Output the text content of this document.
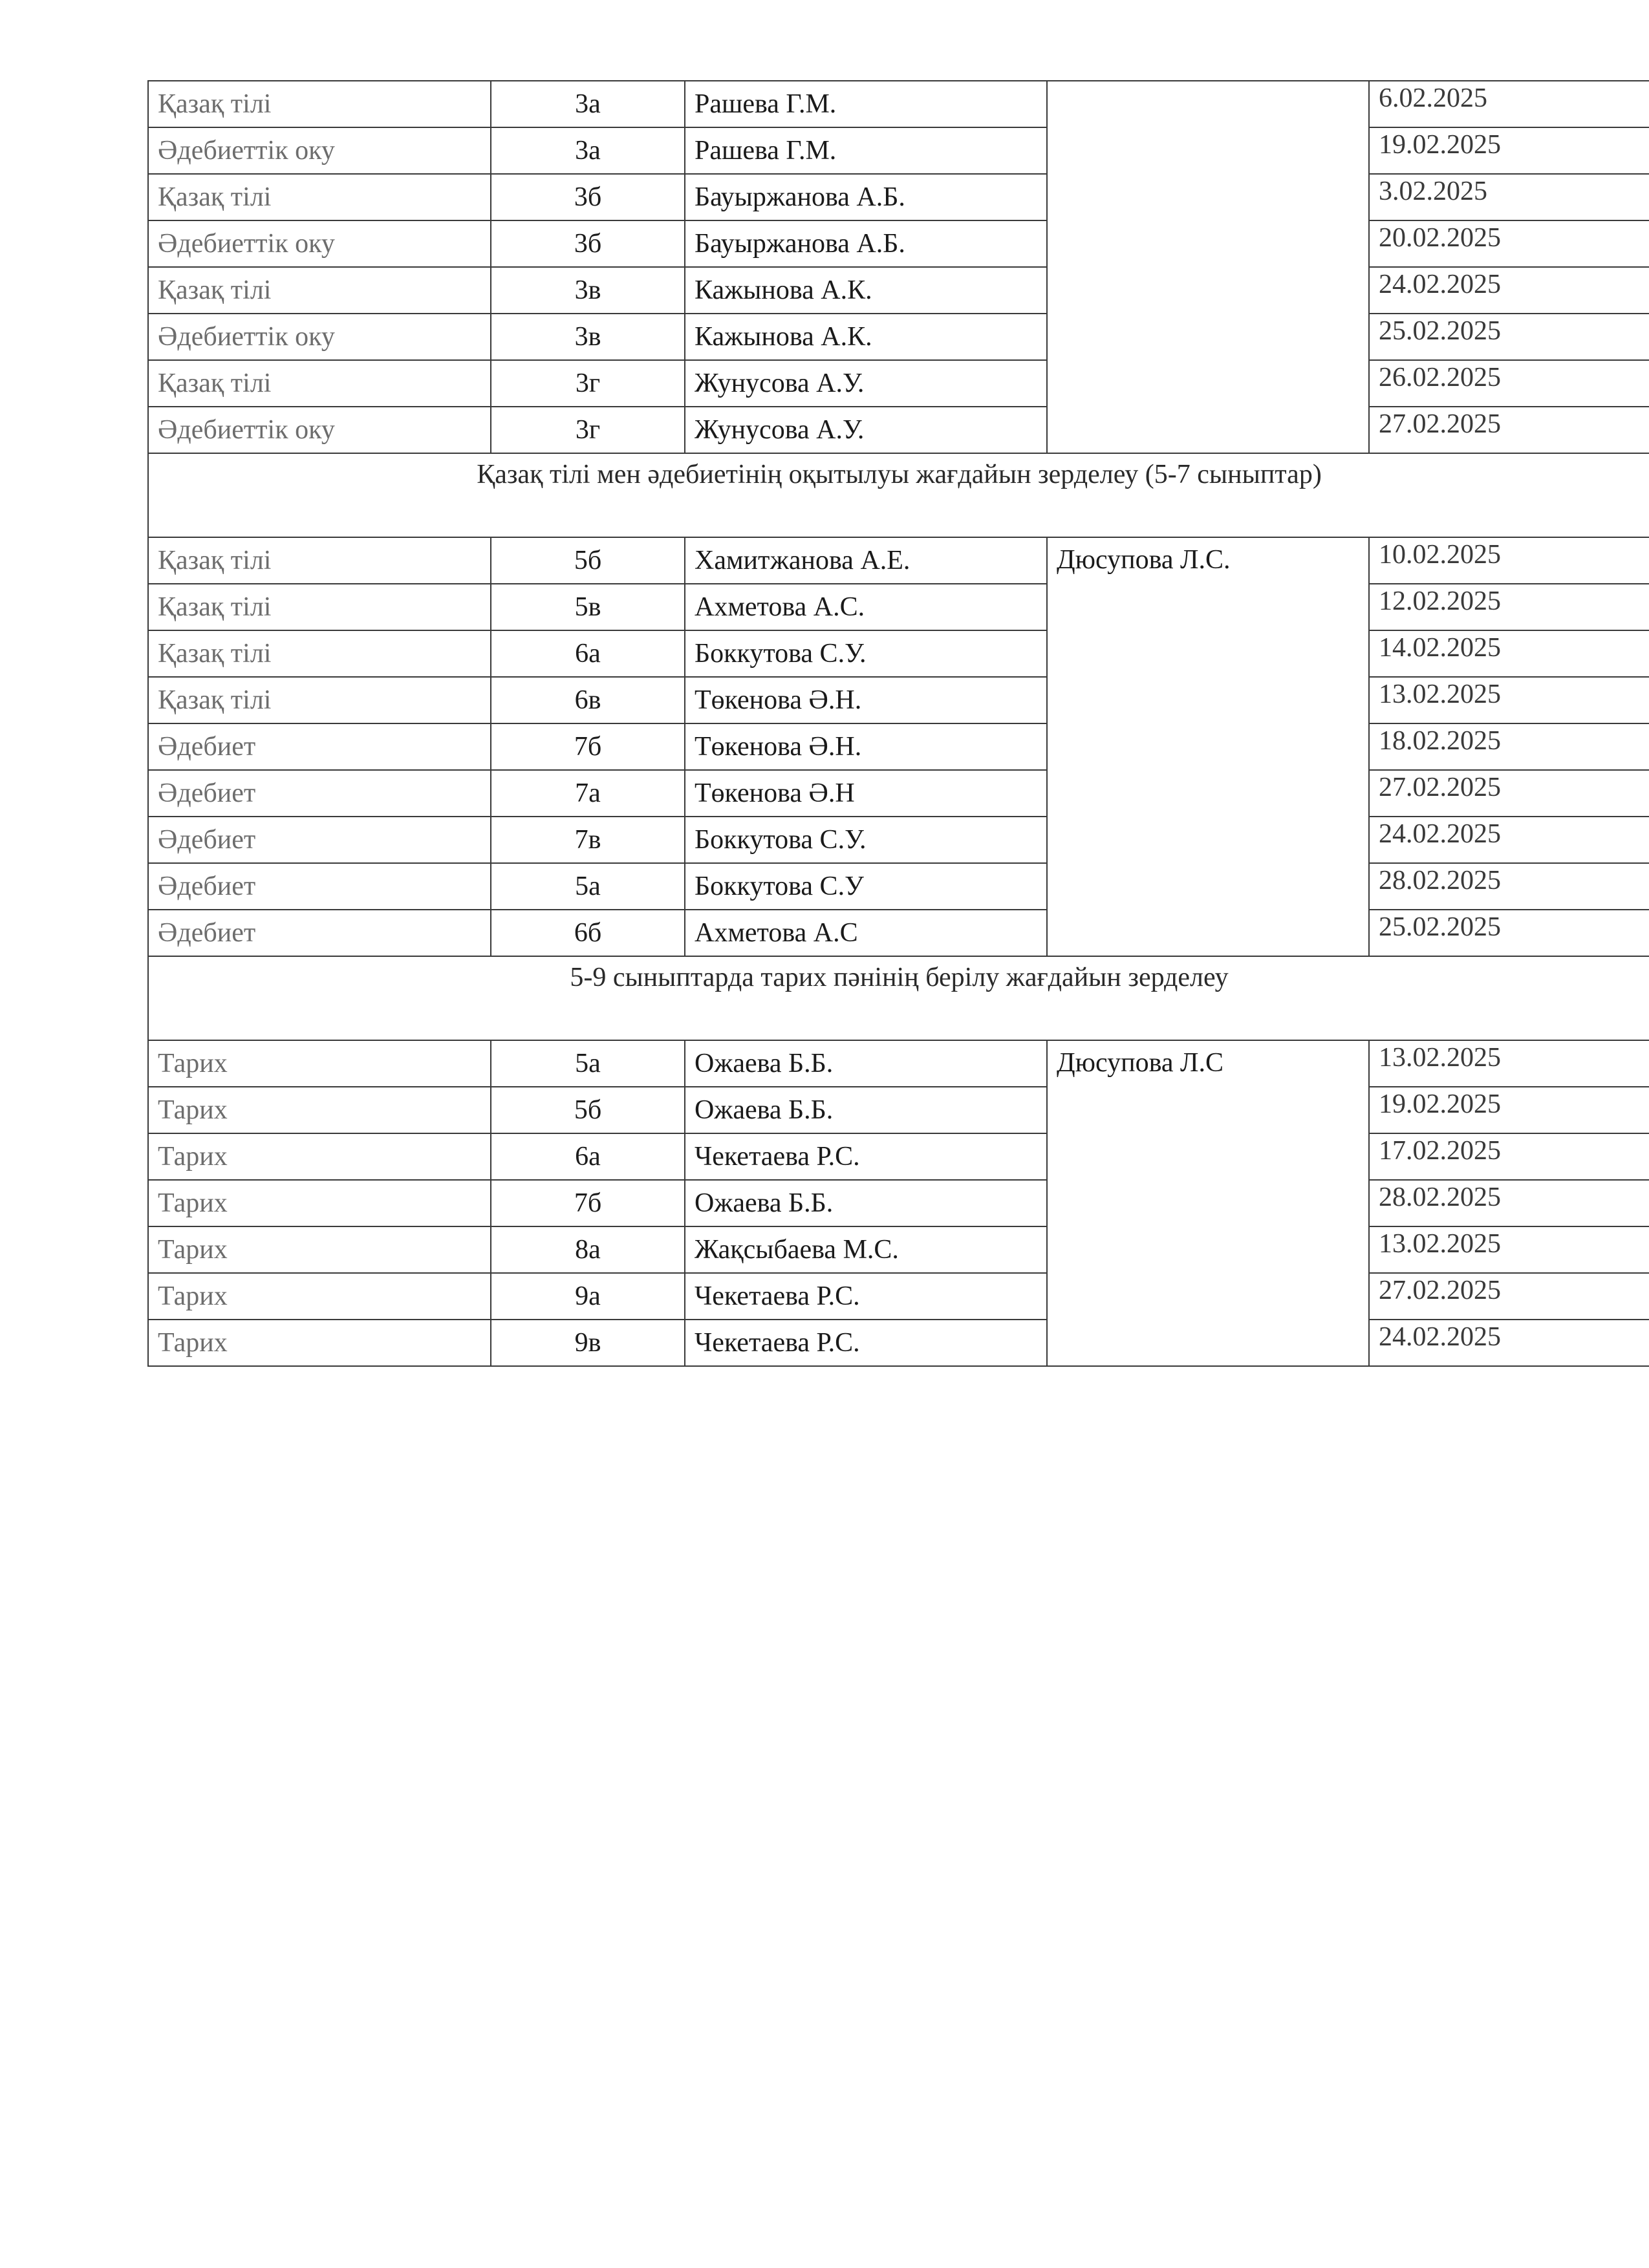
Қазақ тілі	3а	Рашева Г.М.		6.02.2025
Әдебиеттік оку	3а	Рашева Г.М.		19.02.2025
Қазақ тілі	3б	Бауыржанова А.Б.		3.02.2025
Әдебиеттік оку	3б	Бауыржанова А.Б.		20.02.2025
Қазақ тілі	3в	Кажынова А.К.		24.02.2025
Әдебиеттік оку	3в	Кажынова А.К.		25.02.2025
Қазақ тілі	3г	Жунусова А.У.		26.02.2025
Әдебиеттік оку	3г	Жунусова А.У.		27.02.2025
Қазақ тілі мен әдебиетінің оқытылуы жағдайын зерделеу (5-7 сыныптар)				
Қазақ тілі	5б	Хамитжанова А.Е.	Дюсупова Л.С.	10.02.2025
Қазақ тілі	5в	Ахметова А.С.		12.02.2025
Қазақ тілі	6а	Боккутова С.У.		14.02.2025
Қазақ тілі	6в	Төкенова Ә.Н.		13.02.2025
Әдебиет	7б	Төкенова Ә.Н.		18.02.2025
Әдебиет	7а	Төкенова Ә.Н		27.02.2025
Әдебиет	7в	Боккутова С.У.		24.02.2025
Әдебиет	5а	Боккутова С.У		28.02.2025
Әдебиет	6б	Ахметова А.С		25.02.2025
5-9 сыныптарда тарих пәнінің берілу жағдайын зерделеу				
Тарих	5а	Ожаева Б.Б.	Дюсупова Л.С	13.02.2025
Тарих	5б	Ожаева Б.Б.		19.02.2025
Тарих	6а	Чекетаева Р.С.		17.02.2025
Тарих	7б	Ожаева Б.Б.		28.02.2025
Тарих	8а	Жақсыбаева М.С.		13.02.2025
Тарих	9а	Чекетаева Р.С.		27.02.2025
Тарих	9в	Чекетаева Р.С.		24.02.2025
